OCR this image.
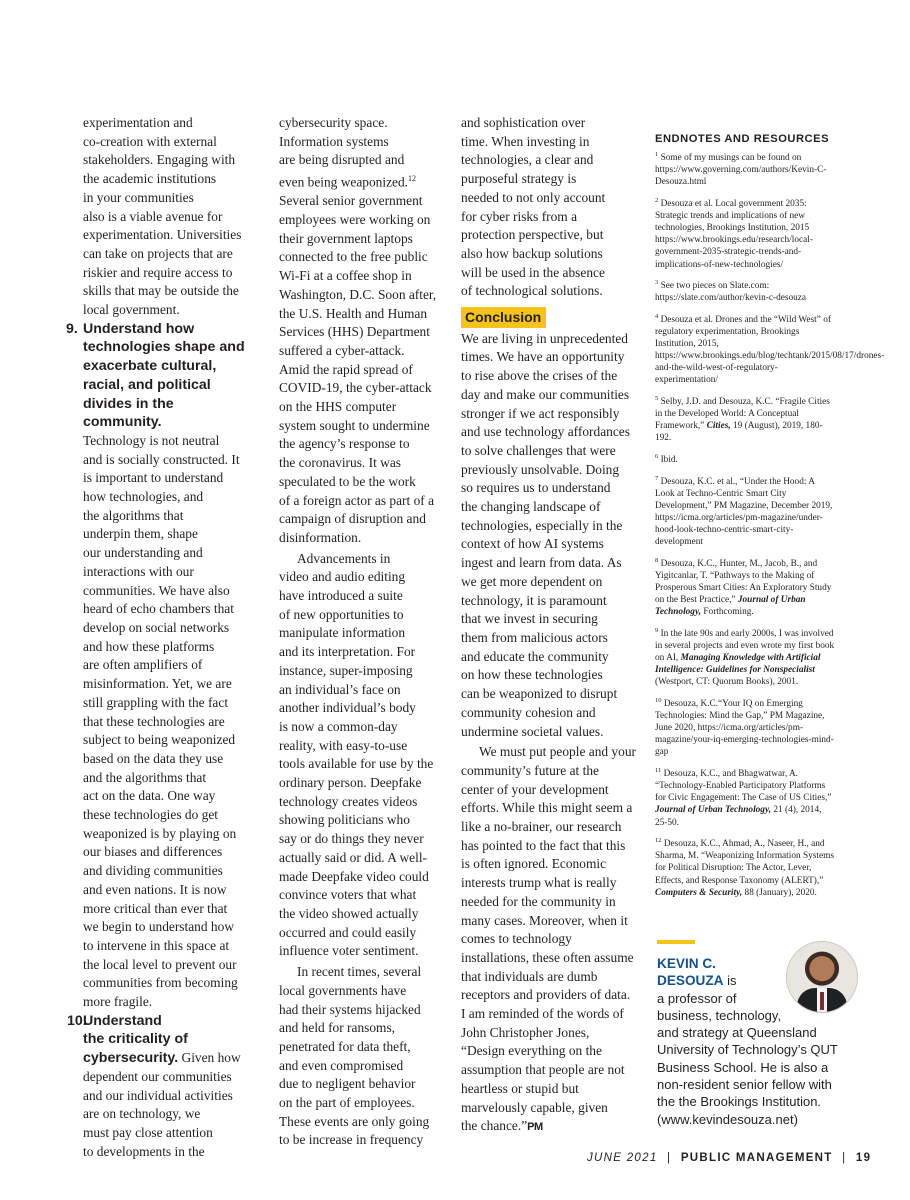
experimentation and
co-creation with external
stakeholders. Engaging with
the academic institutions
in your communities
also is a viable avenue for
experimentation. Universities
can take on projects that are
riskier and require access to
skills that may be outside the
local government.
9. Understand how
technologies shape and
exacerbate cultural,
racial, and political
divides in the community.
Technology is not neutral
and is socially constructed. It
is important to understand
how technologies, and
the algorithms that
underpin them, shape
our understanding and
interactions with our
communities. We have also
heard of echo chambers that
develop on social networks
and how these platforms
are often amplifiers of
misinformation. Yet, we are
still grappling with the fact
that these technologies are
subject to being weaponized
based on the data they use
and the algorithms that
act on the data. One way
these technologies do get
weaponized is by playing on
our biases and differences
and dividing communities
and even nations. It is now
more critical than ever that
we begin to understand how
to intervene in this space at
the local level to prevent our
communities from becoming
more fragile.
10.
Understand
the criticality of
cybersecurity. Given how
dependent our communities
and our individual activities
are on technology, we
must pay close attention
to developments in the
cybersecurity space.
Information systems
are being disrupted and
even being weaponized.$^{12}$
Several senior government
employees were working on
their government laptops
connected to the free public
Wi-Fi at a coffee shop in
Washington, D.C. Soon after,
the U.S. Health and Human
Services (HHS) Department
suffered a cyber-attack.
Amid the rapid spread of
COVID-19, the cyber-attack
on the HHS computer
system sought to undermine
the agency’s response to
the coronavirus. It was
speculated to be the work
of a foreign actor as part of a
campaign of disruption and
disinformation.
Advancements in
video and audio editing
have introduced a suite
of new opportunities to
manipulate information
and its interpretation. For
instance, super-imposing
an individual’s face on
another individual’s body
is now a common-day
reality, with easy-to-use
tools available for use by the
ordinary person. Deepfake
technology creates videos
showing politicians who
say or do things they never
actually said or did. A well-
made Deepfake video could
convince voters that what
the video showed actually
occurred and could easily
influence voter sentiment.
In recent times, several
local governments have
had their systems hijacked
and held for ransoms,
penetrated for data theft,
and even compromised
due to negligent behavior
on the part of employees.
These events are only going
to be increase in frequency
and sophistication over
time. When investing in
technologies, a clear and
purposeful strategy is
needed to not only account
for cyber risks from a
protection perspective, but
also how backup solutions
will be used in the absence
of technological solutions.
Conclusion
We are living in unprecedented
times. We have an opportunity
to rise above the crises of the
day and make our communities
stronger if we act responsibly
and use technology affordances
to solve challenges that were
previously unsolvable. Doing
so requires us to understand
the changing landscape of
technologies, especially in the
context of how AI systems
ingest and learn from data. As
we get more dependent on
technology, it is paramount
that we invest in securing
them from malicious actors
and educate the community
on how these technologies
can be weaponized to disrupt
community cohesion and
undermine societal values.
We must put people and your
community’s future at the
center of your development
efforts. While this might seem a
like a no-brainer, our research
has pointed to the fact that this
is often ignored. Economic
interests trump what is really
needed for the community in
many cases. Moreover, when it
comes to technology
installations, these often assume
that individuals are dumb
receptors and providers of data.
I am reminded of the words of
John Christopher Jones,
“Design everything on the
assumption that people are not
heartless or stupid but
marvelously capable, given
the chance.”PM
ENDNOTES AND RESOURCES
$^1$ Some of my musings can be found on https://www.governing.com/authors/Kevin-C-Desouza.html
$^2$ Desouza et al. Local government 2035: Strategic trends and implications of new technologies, Brookings Institution, 2015 https://www.brookings.edu/research/local-government-2035-strategic-trends-and-implications-of-new-technologies/
$^3$ See two pieces on Slate.com: https://slate.com/author/kevin-c-desouza
$^4$ Desouza et al. Drones and the “Wild West” of regulatory experimentation, Brookings Institution, 2015, https://www.brookings.edu/blog/techtank/2015/08/17/drones-and-the-wild-west-of-regulatory-experimentation/
$^5$ Selby, J.D. and Desouza, K.C. “Fragile Cities in the Developed World: A Conceptual Framework,” Cities, 19 (August), 2019, 180-192.
$^6$ Ibid.
$^7$ Desouza, K.C. et al., “Under the Hood: A Look at Techno-Centric Smart City Development,” PM Magazine, December 2019, https://icma.org/articles/pm-magazine/under-hood-look-techno-centric-smart-city-development
$^8$ Desouza, K.C., Hunter, M., Jacob, B., and Yigitcanlar, T. “Pathways to the Making of Prosperous Smart Cities: An Exploratory Study on the Best Practice,” Journal of Urban Technology, Forthcoming.
$^9$ In the late 90s and early 2000s, I was involved in several projects and even wrote my first book on AI, Managing Knowledge with Artificial Intelligence: Guidelines for Nonspecialist (Westport, CT: Quorum Books), 2001.
$^{10}$ Desouza, K.C.“Your IQ on Emerging Technologies: Mind the Gap,” PM Magazine, June 2020, https://icma.org/articles/pm-magazine/your-iq-emerging-technologies-mind-gap
$^{11}$ Desouza, K.C., and Bhagwatwar, A. “Technology-Enabled Participatory Platforms for Civic Engagement: The Case of US Cities,” Journal of Urban Technology, 21 (4), 2014, 25-50.
$^{12}$ Desouza, K.C., Ahmad, A., Naseer, H., and Sharma, M. “Weaponizing Information Systems for Political Disruption: The Actor, Lever, Effects, and Response Taxonomy (ALERT),” Computers & Security, 88 (January), 2020.
KEVIN C.
DESOUZA is
a professor of
business, technology,
and strategy at Queensland
University of Technology’s QUT
Business School. He is also a
non-resident senior fellow with
the the Brookings Institution.
(www.kevindesouza.net)
JUNE 2021 | PUBLIC MANAGEMENT | 19
